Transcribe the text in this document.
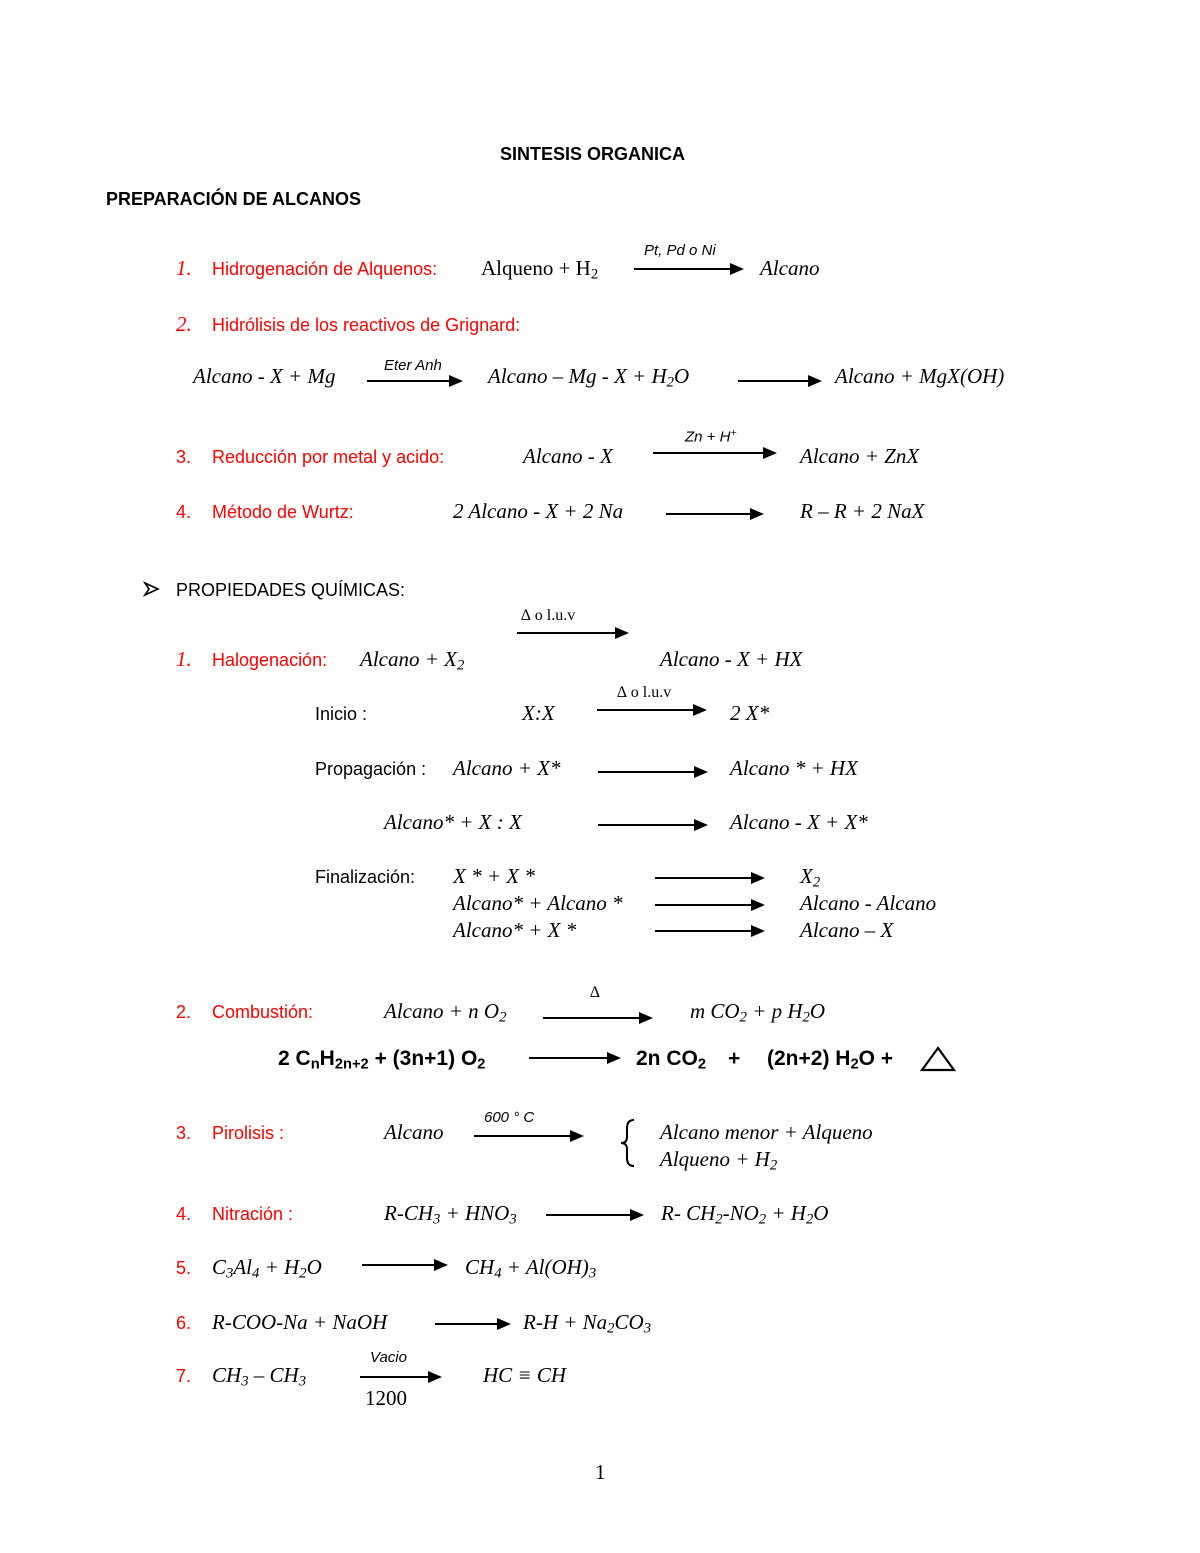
SINTESIS ORGANICA
PREPARACIÓN DE ALCANOS
1. Hidrogenación de Alquenos: Alqueno + $H_2$
Pt, Pd o Ni
Alcano
2. Hidrólisis de los reactivos de Grignard:
Alcano - X + Mg	Eter Anh Alcano – $Mg - X + H_2O$	Alcano + MgX(OH)
3. Reducción por metal y acido:	Alcano - X
Zn + H+
Alcano + ZnX
4. Método de Wurtz:	2 Alcano - X + 2 Na	R – R + 2 NaX
PROPIEDADES QUÍMICAS:
∆ o l.u.v
1. Halogenación: Alcano + $X_2$	Alcano - X + HX
Inicio :	X:X
∆ o l.u.v
2 X*
Propagación : Alcano + X*	Alcano * + HX
Alcano* + X : X	Alcano - X + X*
Finalización: X * + X *	$X_2$
Alcano* + Alcano *	Alcano - Alcano
Alcano* + X *	Alcano – X
2. Combustión:	Alcano + n $O_2$
∆
m $CO_2 + p$ $H_2O$
2 $C_nH_{2n+2} + (3n+1)$ $O_2$	2n $CO_2 + (2n+2) H_2O$ +
3. Pirolisis :	Alcano
600 ° C
Alcano menor + Alqueno
Alqueno + $H_2$
4. Nitración :	$R-CH_3 + HNO_3$	R- $CH_2-NO_2 + H_2O$
5. $C_3Al_4 + H_2O$	$CH_4 + Al(OH)_3$
6. R-COO-Na + NaOH	$R-H + Na_2CO_3$
7. $CH_3 - CH_3$
Vacio
1200
HC ≡ CH
1
